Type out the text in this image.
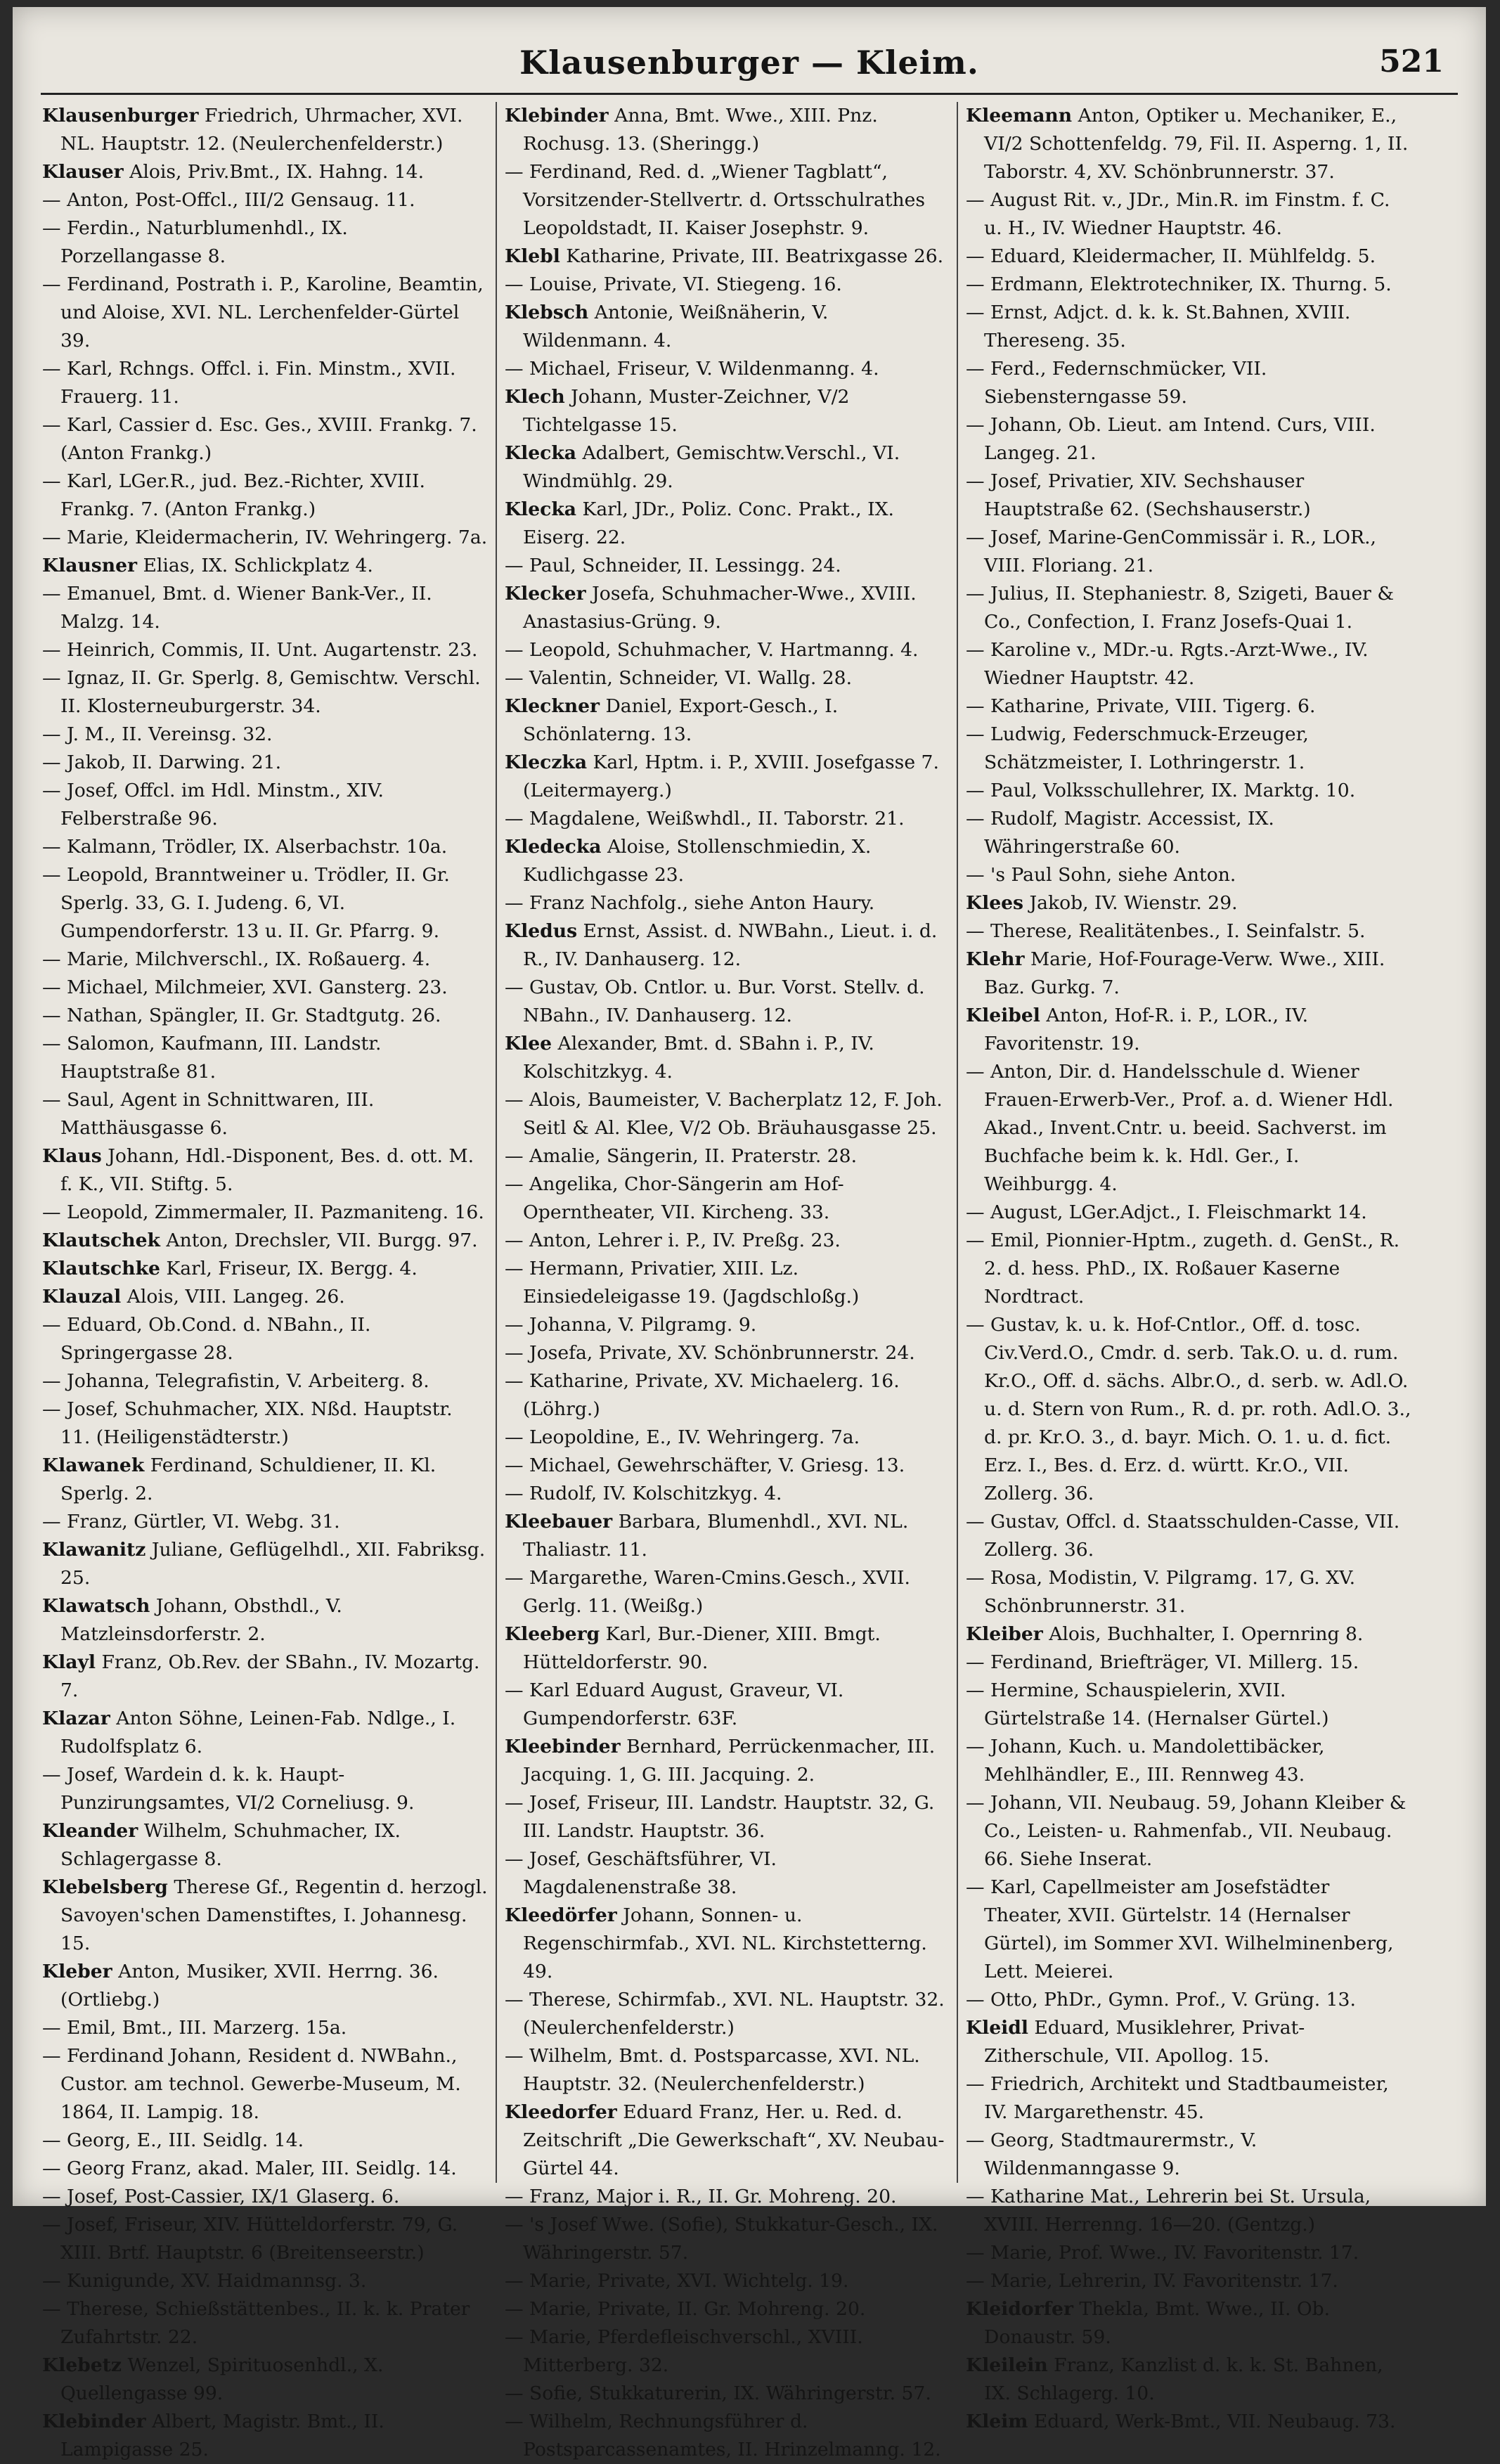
Klausenburger — Kleim.	521
Klausenburger Friedrich, Uhrmacher, XVI. NL. Hauptstr. 12. (Neulerchenfelderstr.)
Klauser Alois, Priv.Bmt., IX. Hahng. 14.
— Anton, Post-Offcl., III/2 Gensaug. 11.
— Ferdin., Naturblumenhdl., IX. Porzellangasse 8.
— Ferdinand, Postrath i. P., Karoline, Beamtin, und Aloise, XVI. NL. Lerchenfelder-Gürtel 39.
— Karl, Rchngs. Offcl. i. Fin. Minstm., XVII. Frauerg. 11.
— Karl, Cassier d. Esc. Ges., XVIII. Frankg. 7. (Anton Frankg.)
— Karl, LGer.R., jud. Bez.-Richter, XVIII. Frankg. 7. (Anton Frankg.)
— Marie, Kleidermacherin, IV. Wehringerg. 7a.
Klausner Elias, IX. Schlickplatz 4.
— Emanuel, Bmt. d. Wiener Bank-Ver., II. Malzg. 14.
— Heinrich, Commis, II. Unt. Augartenstr. 23.
— Ignaz, II. Gr. Sperlg. 8, Gemischtw. Verschl. II. Klosterneuburgerstr. 34.
— J. M., II. Vereinsg. 32.
— Jakob, II. Darwing. 21.
— Josef, Offcl. im Hdl. Minstm., XIV. Felberstraße 96.
— Kalmann, Trödler, IX. Alserbachstr. 10a.
— Leopold, Branntweiner u. Trödler, II. Gr. Sperlg. 33, G. I. Judeng. 6, VI. Gumpendorferstr. 13 u. II. Gr. Pfarrg. 9.
— Marie, Milchverschl., IX. Roßauerg. 4.
— Michael, Milchmeier, XVI. Gansterg. 23.
— Nathan, Spängler, II. Gr. Stadtgutg. 26.
— Salomon, Kaufmann, III. Landstr. Hauptstraße 81.
— Saul, Agent in Schnittwaren, III. Matthäusgasse 6.
Klaus Johann, Hdl.-Disponent, Bes. d. ott. M. f. K., VII. Stiftg. 5.
— Leopold, Zimmermaler, II. Pazmaniteng. 16.
Klautschek Anton, Drechsler, VII. Burgg. 97.
Klautschke Karl, Friseur, IX. Bergg. 4.
Klauzal Alois, VIII. Langeg. 26.
— Eduard, Ob.Cond. d. NBahn., II. Springergasse 28.
— Johanna, Telegrafistin, V. Arbeiterg. 8.
— Josef, Schuhmacher, XIX. Nßd. Hauptstr. 11. (Heiligenstädterstr.)
Klawanek Ferdinand, Schuldiener, II. Kl. Sperlg. 2.
— Franz, Gürtler, VI. Webg. 31.
Klawanitz Juliane, Geflügelhdl., XII. Fabriksg. 25.
Klawatsch Johann, Obsthdl., V. Matzleinsdorferstr. 2.
Klayl Franz, Ob.Rev. der SBahn., IV. Mozartg. 7.
Klazar Anton Söhne, Leinen-Fab. Ndlge., I. Rudolfsplatz 6.
— Josef, Wardein d. k. k. Haupt-Punzirungsamtes, VI/2 Corneliusg. 9.
Kleander Wilhelm, Schuhmacher, IX. Schlagergasse 8.
Klebelsberg Therese Gf., Regentin d. herzogl. Savoyen'schen Damenstiftes, I. Johannesg. 15.
Kleber Anton, Musiker, XVII. Herrng. 36. (Ortliebg.)
— Emil, Bmt., III. Marzerg. 15a.
— Ferdinand Johann, Resident d. NWBahn., Custor. am technol. Gewerbe-Museum, M. 1864, II. Lampig. 18.
— Georg, E., III. Seidlg. 14.
— Georg Franz, akad. Maler, III. Seidlg. 14.
— Josef, Post-Cassier, IX/1 Glaserg. 6.
— Josef, Friseur, XIV. Hütteldorferstr. 79, G. XIII. Brtf. Hauptstr. 6 (Breitenseerstr.)
— Kunigunde, XV. Haidmannsg. 3.
— Therese, Schießstättenbes., II. k. k. Prater Zufahrtstr. 22.
Klebetz Wenzel, Spirituosenhdl., X. Quellengasse 99.
Klebinder Albert, Magistr. Bmt., II. Lampigasse 25.
Klebinder Anna, Bmt. Wwe., XIII. Pnz. Rochusg. 13. (Sheringg.)
— Ferdinand, Red. d. „Wiener Tagblatt“, Vorsitzender-Stellvertr. d. Ortsschulrathes Leopoldstadt, II. Kaiser Josephstr. 9.
Klebl Katharine, Private, III. Beatrixgasse 26.
— Louise, Private, VI. Stiegeng. 16.
Klebsch Antonie, Weißnäherin, V. Wildenmann. 4.
— Michael, Friseur, V. Wildenmanng. 4.
Klech Johann, Muster-Zeichner, V/2 Tichtelgasse 15.
Klecka Adalbert, Gemischtw.Verschl., VI. Windmühlg. 29.
Klecka Karl, JDr., Poliz. Conc. Prakt., IX. Eiserg. 22.
— Paul, Schneider, II. Lessingg. 24.
Klecker Josefa, Schuhmacher-Wwe., XVIII. Anastasius-Grüng. 9.
— Leopold, Schuhmacher, V. Hartmanng. 4.
— Valentin, Schneider, VI. Wallg. 28.
Kleckner Daniel, Export-Gesch., I. Schönlaterng. 13.
Kleczka Karl, Hptm. i. P., XVIII. Josefgasse 7. (Leitermayerg.)
— Magdalene, Weißwhdl., II. Taborstr. 21.
Kledecka Aloise, Stollenschmiedin, X. Kudlichgasse 23.
— Franz Nachfolg., siehe Anton Haury.
Kledus Ernst, Assist. d. NWBahn., Lieut. i. d. R., IV. Danhauserg. 12.
— Gustav, Ob. Cntlor. u. Bur. Vorst. Stellv. d. NBahn., IV. Danhauserg. 12.
Klee Alexander, Bmt. d. SBahn i. P., IV. Kolschitzkyg. 4.
— Alois, Baumeister, V. Bacherplatz 12, F. Joh. Seitl & Al. Klee, V/2 Ob. Bräuhausgasse 25.
— Amalie, Sängerin, II. Praterstr. 28.
— Angelika, Chor-Sängerin am Hof-Operntheater, VII. Kircheng. 33.
— Anton, Lehrer i. P., IV. Preßg. 23.
— Hermann, Privatier, XIII. Lz. Einsiedeleigasse 19. (Jagdschloßg.)
— Johanna, V. Pilgramg. 9.
— Josefa, Private, XV. Schönbrunnerstr. 24.
— Katharine, Private, XV. Michaelerg. 16. (Löhrg.)
— Leopoldine, E., IV. Wehringerg. 7a.
— Michael, Gewehrschäfter, V. Griesg. 13.
— Rudolf, IV. Kolschitzkyg. 4.
Kleebauer Barbara, Blumenhdl., XVI. NL. Thaliastr. 11.
— Margarethe, Waren-Cmins.Gesch., XVII. Gerlg. 11. (Weißg.)
Kleeberg Karl, Bur.-Diener, XIII. Bmgt. Hütteldorferstr. 90.
— Karl Eduard August, Graveur, VI. Gumpendorferstr. 63F.
Kleebinder Bernhard, Perrückenmacher, III. Jacquing. 1, G. III. Jacquing. 2.
— Josef, Friseur, III. Landstr. Hauptstr. 32, G. III. Landstr. Hauptstr. 36.
— Josef, Geschäftsführer, VI. Magdalenenstraße 38.
Kleedörfer Johann, Sonnen- u. Regenschirmfab., XVI. NL. Kirchstetterng. 49.
— Therese, Schirmfab., XVI. NL. Hauptstr. 32. (Neulerchenfelderstr.)
— Wilhelm, Bmt. d. Postsparcasse, XVI. NL. Hauptstr. 32. (Neulerchenfelderstr.)
Kleedorfer Eduard Franz, Her. u. Red. d. Zeitschrift „Die Gewerkschaft“, XV. Neubau-Gürtel 44.
— Franz, Major i. R., II. Gr. Mohreng. 20.
— 's Josef Wwe. (Sofie), Stukkatur-Gesch., IX. Währingerstr. 57.
— Marie, Private, XVI. Wichtelg. 19.
— Marie, Private, II. Gr. Mohreng. 20.
— Marie, Pferdefleischverschl., XVIII. Mitterberg. 32.
— Sofie, Stukkaturerin, IX. Währingerstr. 57.
— Wilhelm, Rechnungsführer d. Postsparcassenamtes, II. Hrinzelmanng. 12.
Kleemann Anton, Optiker u. Mechaniker, E., VI/2 Schottenfeldg. 79, Fil. II. Asperng. 1, II. Taborstr. 4, XV. Schönbrunnerstr. 37.
— August Rit. v., JDr., Min.R. im Finstm. f. C. u. H., IV. Wiedner Hauptstr. 46.
— Eduard, Kleidermacher, II. Mühlfeldg. 5.
— Erdmann, Elektrotechniker, IX. Thurng. 5.
— Ernst, Adjct. d. k. k. St.Bahnen, XVIII. Thereseng. 35.
— Ferd., Federnschmücker, VII. Siebensterngasse 59.
— Johann, Ob. Lieut. am Intend. Curs, VIII. Langeg. 21.
— Josef, Privatier, XIV. Sechshauser Hauptstraße 62. (Sechshauserstr.)
— Josef, Marine-GenCommissär i. R., LOR., VIII. Floriang. 21.
— Julius, II. Stephaniestr. 8, Szigeti, Bauer & Co., Confection, I. Franz Josefs-Quai 1.
— Karoline v., MDr.-u. Rgts.-Arzt-Wwe., IV. Wiedner Hauptstr. 42.
— Katharine, Private, VIII. Tigerg. 6.
— Ludwig, Federschmuck-Erzeuger, Schätzmeister, I. Lothringerstr. 1.
— Paul, Volksschullehrer, IX. Marktg. 10.
— Rudolf, Magistr. Accessist, IX. Währingerstraße 60.
— 's Paul Sohn, siehe Anton.
Klees Jakob, IV. Wienstr. 29.
— Therese, Realitätenbes., I. Seinfalstr. 5.
Klehr Marie, Hof-Fourage-Verw. Wwe., XIII. Baz. Gurkg. 7.
Kleibel Anton, Hof-R. i. P., LOR., IV. Favoritenstr. 19.
— Anton, Dir. d. Handelsschule d. Wiener Frauen-Erwerb-Ver., Prof. a. d. Wiener Hdl. Akad., Invent.Cntr. u. beeid. Sachverst. im Buchfache beim k. k. Hdl. Ger., I. Weihburgg. 4.
— August, LGer.Adjct., I. Fleischmarkt 14.
— Emil, Pionnier-Hptm., zugeth. d. GenSt., R. 2. d. hess. PhD., IX. Roßauer Kaserne Nordtract.
— Gustav, k. u. k. Hof-Cntlor., Off. d. tosc. Civ.Verd.O., Cmdr. d. serb. Tak.O. u. d. rum. Kr.O., Off. d. sächs. Albr.O., d. serb. w. Adl.O. u. d. Stern von Rum., R. d. pr. roth. Adl.O. 3., d. pr. Kr.O. 3., d. bayr. Mich. O. 1. u. d. fict. Erz. I., Bes. d. Erz. d. württ. Kr.O., VII. Zollerg. 36.
— Gustav, Offcl. d. Staatsschulden-Casse, VII. Zollerg. 36.
— Rosa, Modistin, V. Pilgramg. 17, G. XV. Schönbrunnerstr. 31.
Kleiber Alois, Buchhalter, I. Opernring 8.
— Ferdinand, Briefträger, VI. Millerg. 15.
— Hermine, Schauspielerin, XVII. Gürtelstraße 14. (Hernalser Gürtel.)
— Johann, Kuch. u. Mandolettibäcker, Mehlhändler, E., III. Rennweg 43.
— Johann, VII. Neubaug. 59, Johann Kleiber & Co., Leisten- u. Rahmenfab., VII. Neubaug. 66. Siehe Inserat.
— Karl, Capellmeister am Josefstädter Theater, XVII. Gürtelstr. 14 (Hernalser Gürtel), im Sommer XVI. Wilhelminenberg, Lett. Meierei.
— Otto, PhDr., Gymn. Prof., V. Grüng. 13.
Kleidl Eduard, Musiklehrer, Privat-Zitherschule, VII. Apollog. 15.
— Friedrich, Architekt und Stadtbaumeister, IV. Margarethenstr. 45.
— Georg, Stadtmaurermstr., V. Wildenmanngasse 9.
— Katharine Mat., Lehrerin bei St. Ursula, XVIII. Herrenng. 16—20. (Gentzg.)
— Marie, Prof. Wwe., IV. Favoritenstr. 17.
— Marie, Lehrerin, IV. Favoritenstr. 17.
Kleidorfer Thekla, Bmt. Wwe., II. Ob. Donaustr. 59.
Kleilein Franz, Kanzlist d. k. k. St. Bahnen, IX. Schlagerg. 10.
Kleim Eduard, Werk-Bmt., VII. Neubaug. 73.
